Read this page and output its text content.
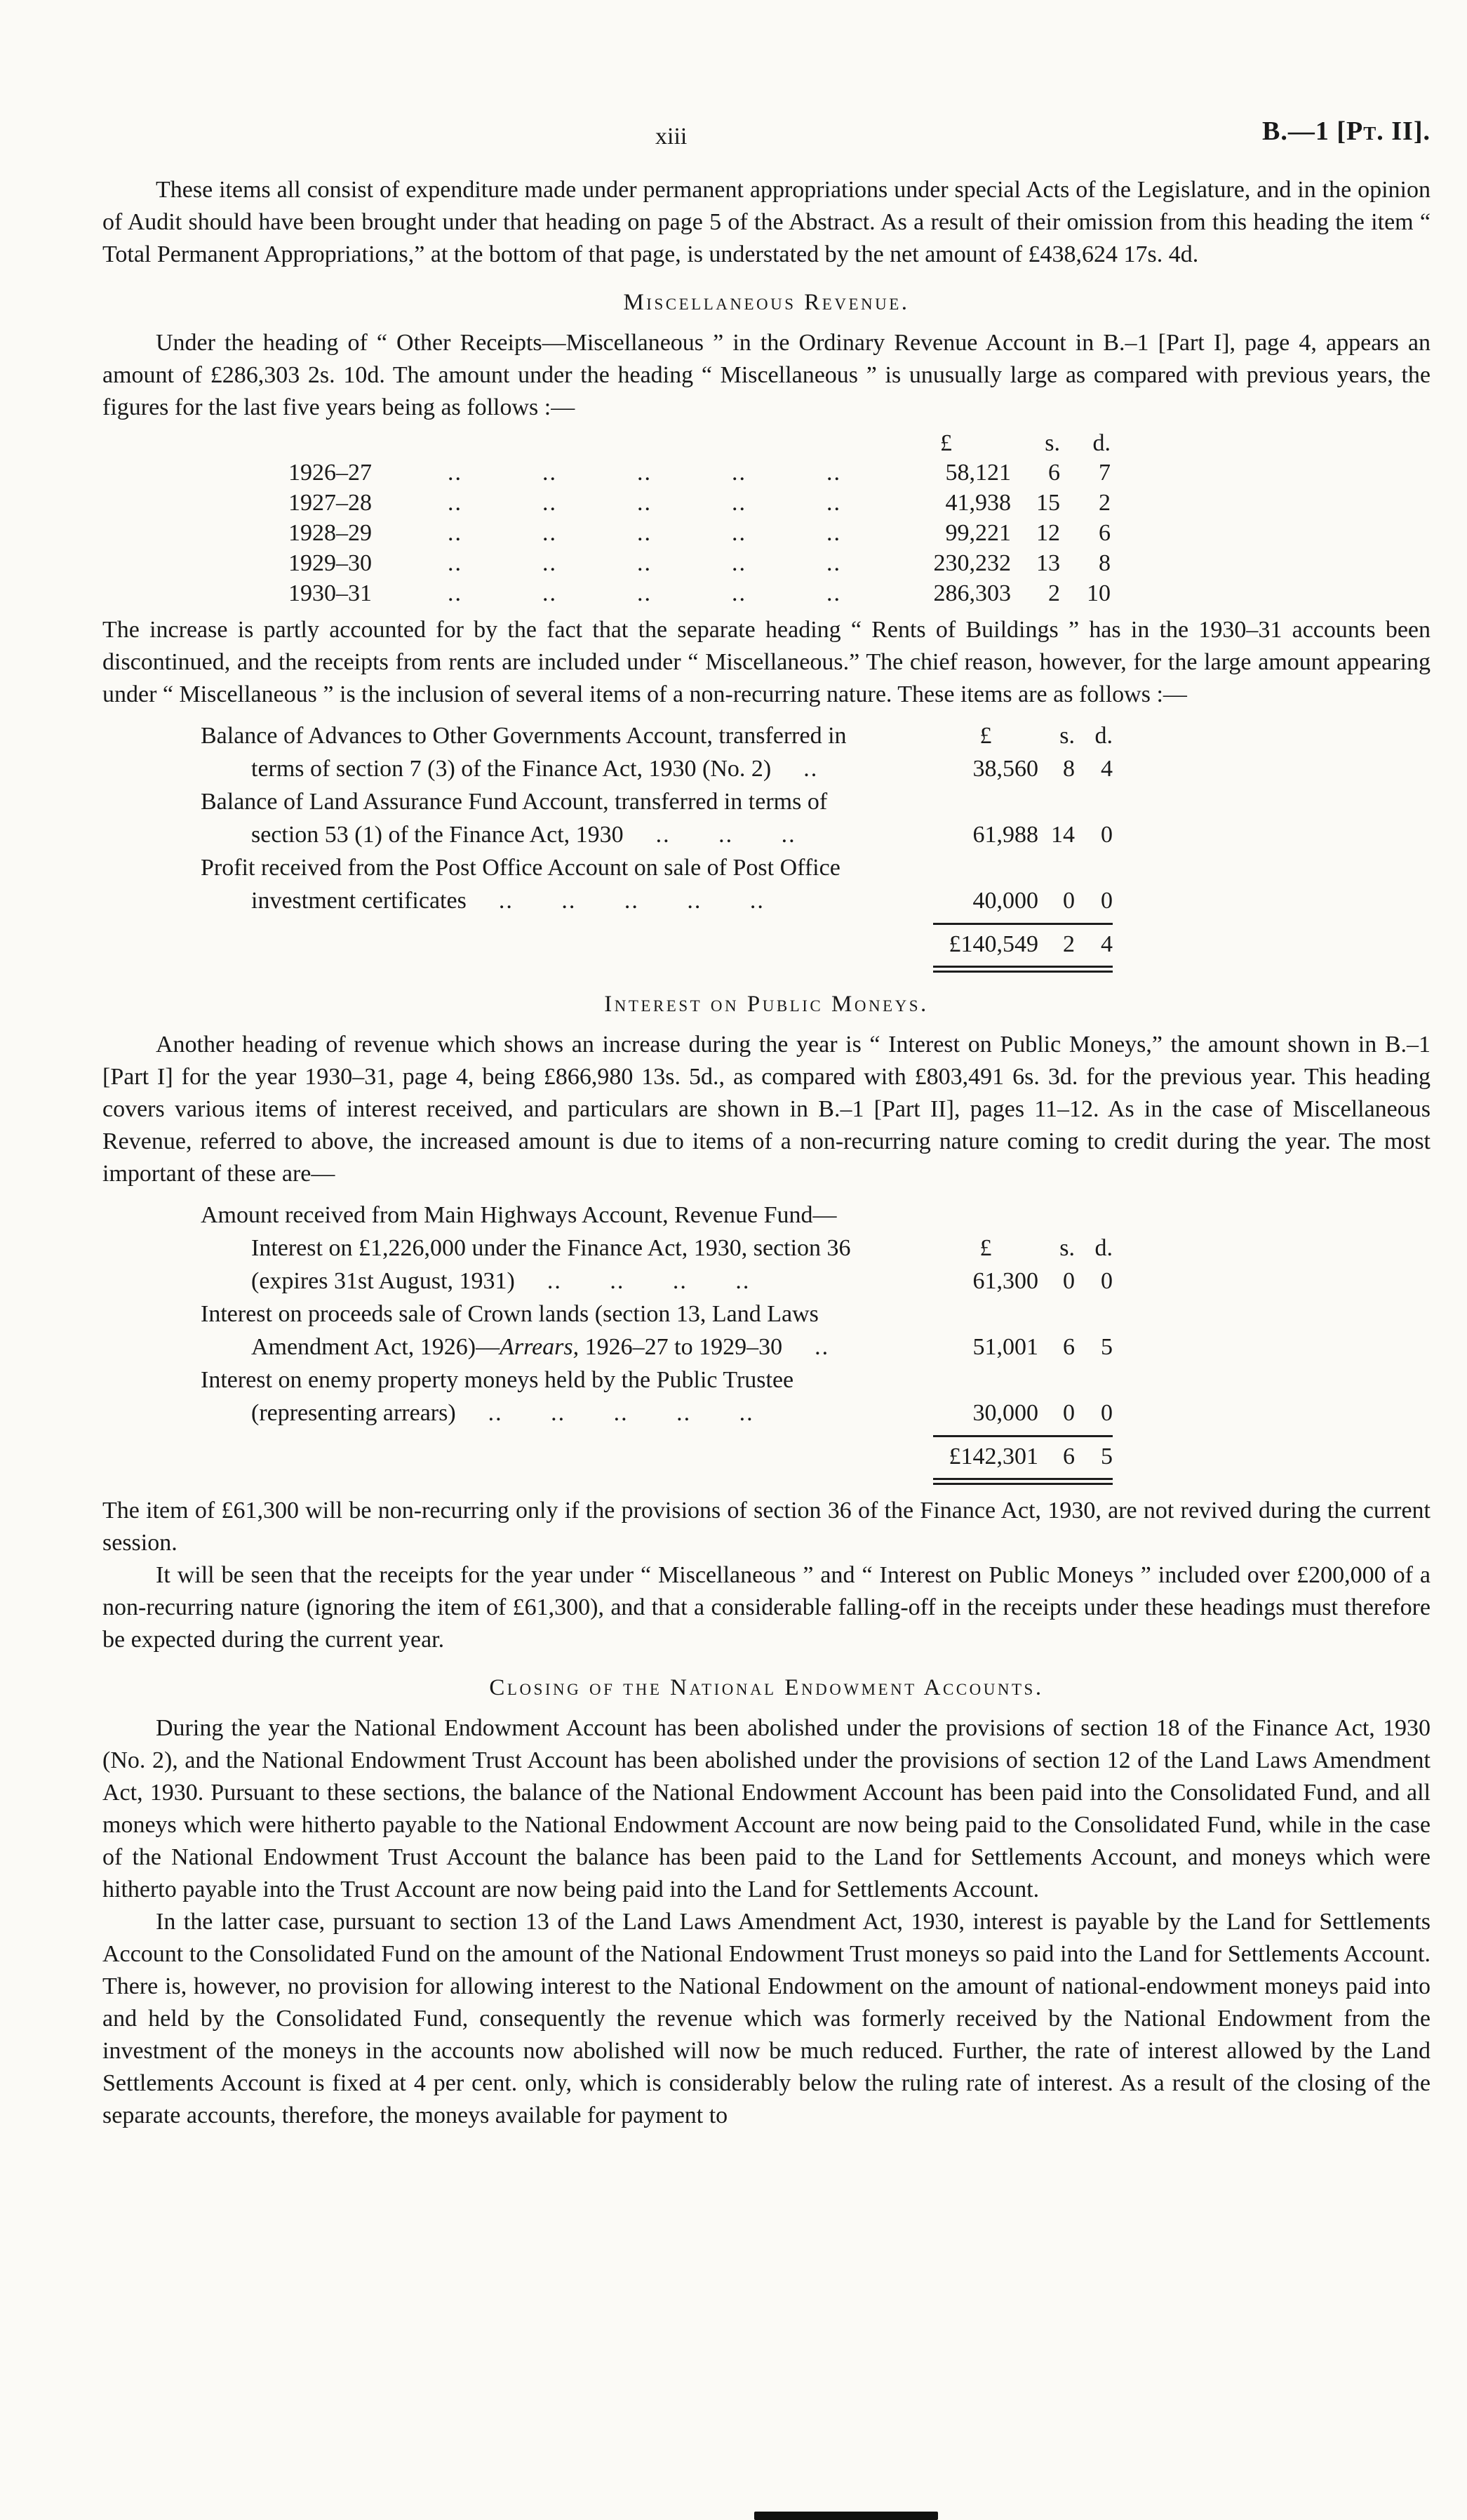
xiii	B.—1 [Pt. II].

These items all consist of expenditure made under permanent appropriations under special Acts of the Legislature, and in the opinion of Audit should have been brought under that heading on page 5 of the Abstract. As a result of their omission from this heading the item “ Total Permanent Appropriations,” at the bottom of that page, is understated by the net amount of £438,624 17s. 4d.

Miscellaneous Revenue.

Under the heading of “ Other Receipts—Miscellaneous ” in the Ordinary Revenue Account in B.–1 [Part I], page 4, appears an amount of £286,303 2s. 10d. The amount under the heading “ Miscellaneous ” is unusually large as compared with previous years, the figures for the last five years being as follows :—

£	s.	d.
1926–27	..	..	..	..	..	58,121	6	7
1927–28	..	..	..	..	..	41,938	15	2
1928–29	..	..	..	..	..	99,221	12	6
1929–30	..	..	..	..	..	230,232	13	8
1930–31	..	..	..	..	..	286,303	2	10

The increase is partly accounted for by the fact that the separate heading “ Rents of Buildings ” has in the 1930–31 accounts been discontinued, and the receipts from rents are included under “ Miscellaneous.” The chief reason, however, for the large amount appearing under “ Miscellaneous ” is the inclusion of several items of a non-recurring nature. These items are as follows :—

Balance of Advances to Other Governments Account, transferred in	£	s. d.
terms of section 7 (3) of the Finance Act, 1930 (No. 2) ..	38,560	8	4
Balance of Land Assurance Fund Account, transferred in terms of
section 53 (1) of the Finance Act, 1930 .. .. ..	61,988 14	0
Profit received from the Post Office Account on sale of Post Office
investment certificates .. .. .. .. ..	40,000	0	0
£140,549	2	4
Interest on Public Moneys.

Another heading of revenue which shows an increase during the year is “ Interest on Public Moneys,” the amount shown in B.–1 [Part I] for the year 1930–31, page 4, being £866,980 13s. 5d., as compared with £803,491 6s. 3d. for the previous year. This heading covers various items of interest received, and particulars are shown in B.–1 [Part II], pages 11–12. As in the case of Miscellaneous Revenue, referred to above, the increased amount is due to items of a non-recurring nature coming to credit during the year. The most important of these are—

Amount received from Main Highways Account, Revenue Fund—
Interest on £1,226,000 under the Finance Act, 1930, section 36	£	s. d.
(expires 31st August, 1931) .. .. .. ..	61,300	0	0
Interest on proceeds sale of Crown lands (section 13, Land Laws
Amendment Act, 1926)—Arrears, 1926–27 to 1929–30 ..	51,001	6	5
Interest on enemy property moneys held by the Public Trustee
(representing arrears) .. .. .. .. ..	30,000	0	0
£142,301	6	5

The item of £61,300 will be non-recurring only if the provisions of section 36 of the Finance Act, 1930, are not revived during the current session.

It will be seen that the receipts for the year under “ Miscellaneous ” and “ Interest on Public Moneys ” included over £200,000 of a non-recurring nature (ignoring the item of £61,300), and that a considerable falling-off in the receipts under these headings must therefore be expected during the current year.

Closing of the National Endowment Accounts.

During the year the National Endowment Account has been abolished under the provisions of section 18 of the Finance Act, 1930 (No. 2), and the National Endowment Trust Account has been abolished under the provisions of section 12 of the Land Laws Amendment Act, 1930. Pursuant to these sections, the balance of the National Endowment Account has been paid into the Consolidated Fund, and all moneys which were hitherto payable to the National Endowment Account are now being paid to the Consolidated Fund, while in the case of the National Endowment Trust Account the balance has been paid to the Land for Settlements Account, and moneys which were hitherto payable into the Trust Account are now being paid into the Land for Settlements Account.

In the latter case, pursuant to section 13 of the Land Laws Amendment Act, 1930, interest is payable by the Land for Settlements Account to the Consolidated Fund on the amount of the National Endowment Trust moneys so paid into the Land for Settlements Account. There is, however, no provision for allowing interest to the National Endowment on the amount of national-endowment moneys paid into and held by the Consolidated Fund, consequently the revenue which was formerly received by the National Endowment from the investment of the moneys in the accounts now abolished will now be much reduced. Further, the rate of interest allowed by the Land Settlements Account is fixed at 4 per cent. only, which is considerably below the ruling rate of interest. As a result of the closing of the separate accounts, therefore, the moneys available for payment to
